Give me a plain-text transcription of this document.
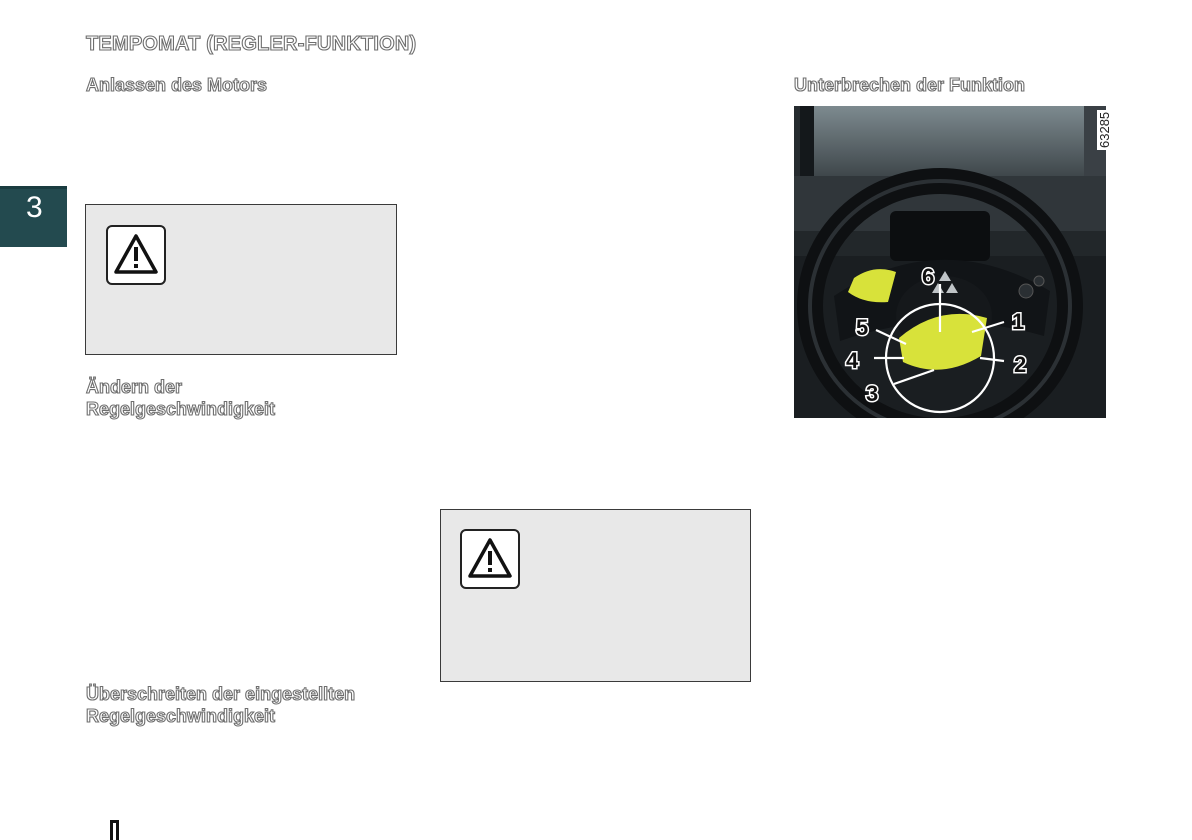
TEMPOMAT (REGLER-FUNKTION)
3
Anlassen des Motors
Ändern der
Regelgeschwindigkeit
Überschreiten der eingestellten
Regelgeschwindigkeit
Unterbrechen der Funktion
6
1
5
4	2
3
63285
